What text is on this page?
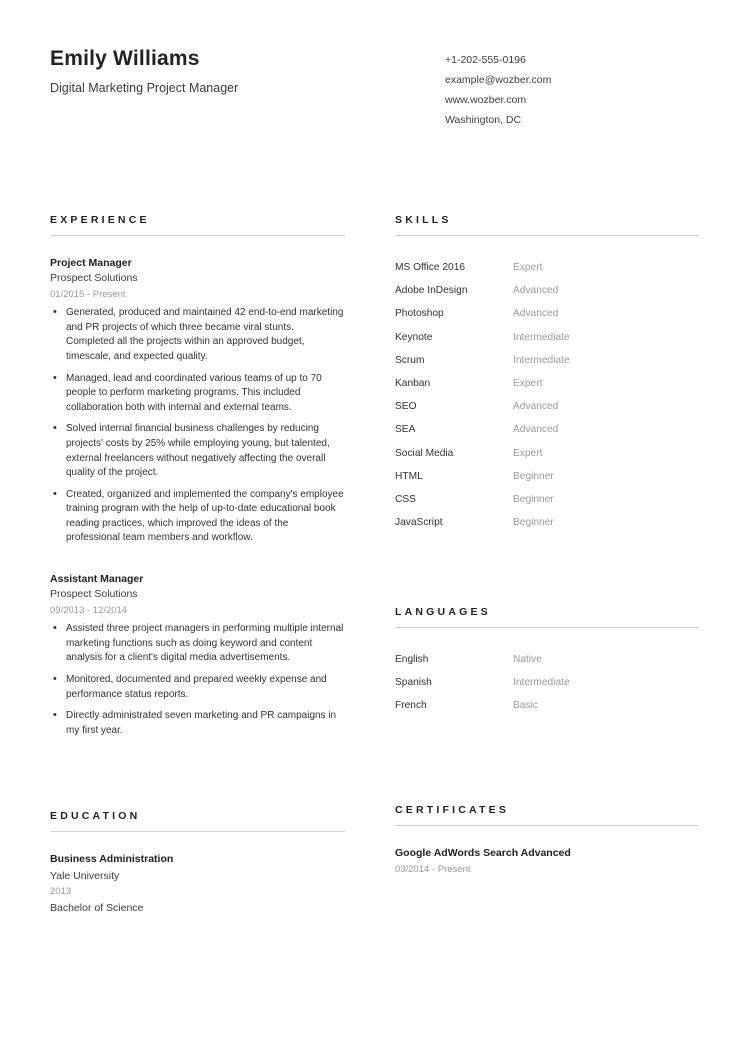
Emily Williams
Digital Marketing Project Manager
+1-202-555-0196
example@wozber.com
www.wozber.com
Washington, DC
EXPERIENCE
Project Manager
Prospect Solutions
01/2015 - Present
• Generated, produced and maintained 42 end-to-end marketing and PR projects of which three became viral stunts. Completed all the projects within an approved budget, timescale, and expected quality.
• Managed, lead and coordinated various teams of up to 70 people to perform marketing programs. This included collaboration both with internal and external teams.
• Solved internal financial business challenges by reducing projects' costs by 25% while employing young, but talented, external freelancers without negatively affecting the overall quality of the project.
• Created, organized and implemented the company's employee training program with the help of up-to-date educational book reading practices, which improved the ideas of the professional team members and workflow.
Assistant Manager
Prospect Solutions
09/2013 - 12/2014
• Assisted three project managers in performing multiple internal marketing functions such as doing keyword and content analysis for a client's digital media advertisements.
• Monitored, documented and prepared weekly expense and performance status reports.
• Directly administrated seven marketing and PR campaigns in my first year.
SKILLS
MS Office 2016	Expert
Adobe InDesign	Advanced
Photoshop	Advanced
Keynote	Intermediate
Scrum	Intermediate
Kanban	Expert
SEO	Advanced
SEA	Advanced
Social Media	Expert
HTML	Beginner
CSS	Beginner
JavaScript	Beginner
LANGUAGES
English	Native
Spanish	Intermediate
French	Basic
EDUCATION
Business Administration
Yale University
2013
Bachelor of Science
CERTIFICATES
Google AdWords Search Advanced
03/2014 - Present
